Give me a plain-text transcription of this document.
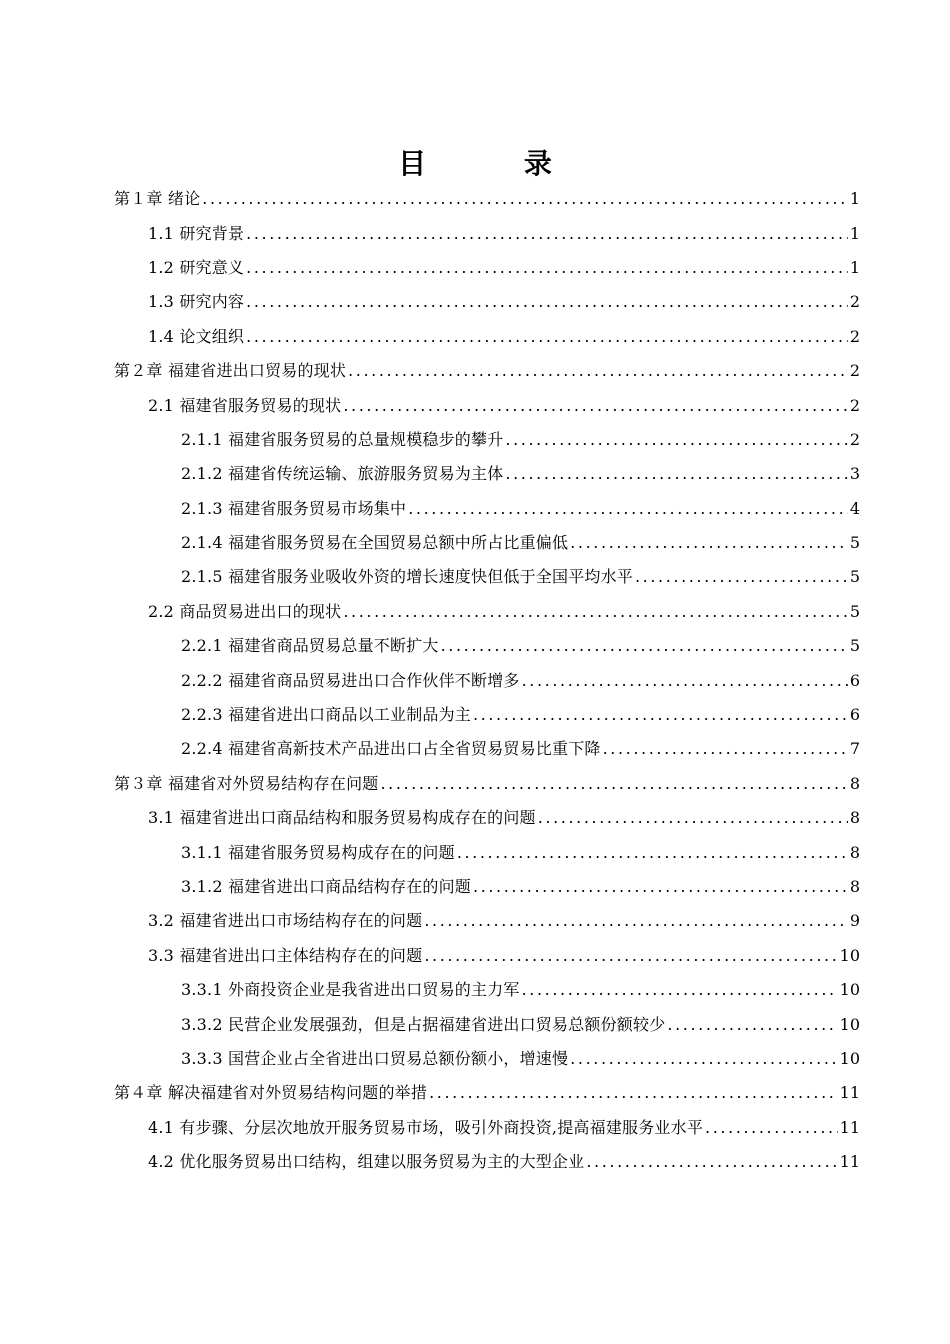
目 录
第１章 绪论 .....	1
1.1 研究背景 .....	1
1.2 研究意义 .....	1
1.3 研究内容 .....	2
1.4 论文组织 .....	2
第２章 福建省进出口贸易的现状 .....	2
2.1 福建省服务贸易的现状 .....	2
2.1.1 福建省服务贸易的总量规模稳步的攀升 .....	2
2.1.2 福建省传统运输、旅游服务贸易为主体 .....	3
2.1.3 福建省服务贸易市场集中 .....	4
2.1.4 福建省服务贸易在全国贸易总额中所占比重偏低 .....	5
2.1.5 福建省服务业吸收外资的增长速度快但低于全国平均水平 .....	5
2.2 商品贸易进出口的现状 .....	5
2.2.1 福建省商品贸易总量不断扩大 .....	5
2.2.2 福建省商品贸易进出口合作伙伴不断增多 .....	6
2.2.3 福建省进出口商品以工业制品为主 .....	6
2.2.4 福建省高新技术产品进出口占全省贸易贸易比重下降 .....	7
第３章 福建省对外贸易结构存在问题 .....	8
3.1 福建省进出口商品结构和服务贸易构成存在的问题 .....	8
3.1.1 福建省服务贸易构成存在的问题 .....	8
3.1.2 福建省进出口商品结构存在的问题 .....	8
3.2 福建省进出口市场结构存在的问题 .....	9
3.3 福建省进出口主体结构存在的问题 .....	10
3.3.1 外商投资企业是我省进出口贸易的主力军 .....	10
3.3.2 民营企业发展强劲，但是占据福建省进出口贸易总额份额较少 .....	10
3.3.3 国营企业占全省进出口贸易总额份额小，增速慢 .....	10
第４章 解决福建省对外贸易结构问题的举措 .....	11
4.1 有步骤、分层次地放开服务贸易市场，吸引外商投资,提高福建服务业水平 .....	11
4.2 优化服务贸易出口结构，组建以服务贸易为主的大型企业 .....	11
